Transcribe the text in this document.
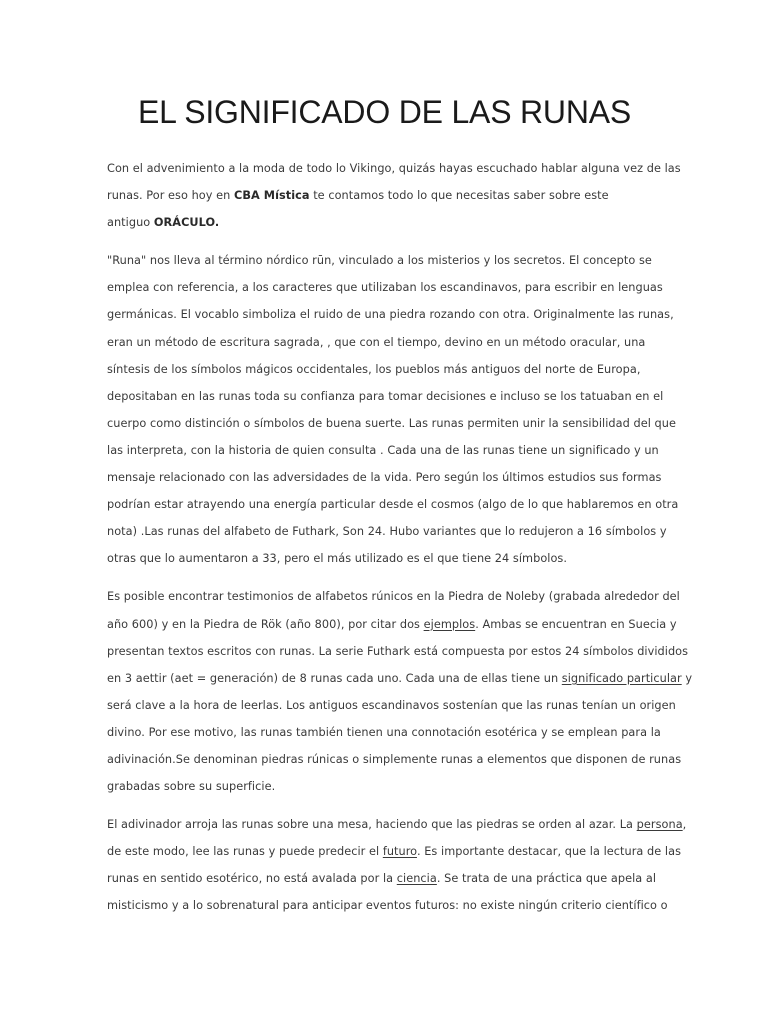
EL SIGNIFICADO DE LAS RUNAS

Con el advenimiento a la moda de todo lo Vikingo, quizás hayas escuchado hablar alguna vez de las
runas. Por eso hoy en CBA Mística te contamos todo lo que necesitas saber sobre este
antiguo ORÁCULO.

"Runa" nos lleva al término nórdico rūn, vinculado a los misterios y los secretos. El concepto se
emplea con referencia, a los caracteres que utilizaban los escandinavos, para escribir en lenguas
germánicas. El vocablo simboliza el ruido de una piedra rozando con otra. Originalmente las runas,
eran un método de escritura sagrada, , que con el tiempo, devino en un método oracular, una
síntesis de los símbolos mágicos occidentales, los pueblos más antiguos del norte de Europa,
depositaban en las runas toda su confianza para tomar decisiones e incluso se los tatuaban en el
cuerpo como distinción o símbolos de buena suerte. Las runas permiten unir la sensibilidad del que
las interpreta, con la historia de quien consulta . Cada una de las runas tiene un significado y un
mensaje relacionado con las adversidades de la vida. Pero según los últimos estudios sus formas
podrían estar atrayendo una energía particular desde el cosmos (algo de lo que hablaremos en otra
nota) .Las runas del alfabeto de Futhark, Son 24. Hubo variantes que lo redujeron a 16 símbolos y
otras que lo aumentaron a 33, pero el más utilizado es el que tiene 24 símbolos.

Es posible encontrar testimonios de alfabetos rúnicos en la Piedra de Noleby (grabada alrededor del
año 600) y en la Piedra de Rök (año 800), por citar dos ejemplos. Ambas se encuentran en Suecia y
presentan textos escritos con runas. La serie Futhark está compuesta por estos 24 símbolos divididos
en 3 aettir (aet = generación) de 8 runas cada uno. Cada una de ellas tiene un significado particular y
será clave a la hora de leerlas. Los antiguos escandinavos sostenían que las runas tenían un origen
divino. Por ese motivo, las runas también tienen una connotación esotérica y se emplean para la
adivinación.Se denominan piedras rúnicas o simplemente runas a elementos que disponen de runas
grabadas sobre su superficie.

El adivinador arroja las runas sobre una mesa, haciendo que las piedras se orden al azar. La persona,
de este modo, lee las runas y puede predecir el futuro. Es importante destacar, que la lectura de las
runas en sentido esotérico, no está avalada por la ciencia. Se trata de una práctica que apela al
misticismo y a lo sobrenatural para anticipar eventos futuros: no existe ningún criterio científico o
